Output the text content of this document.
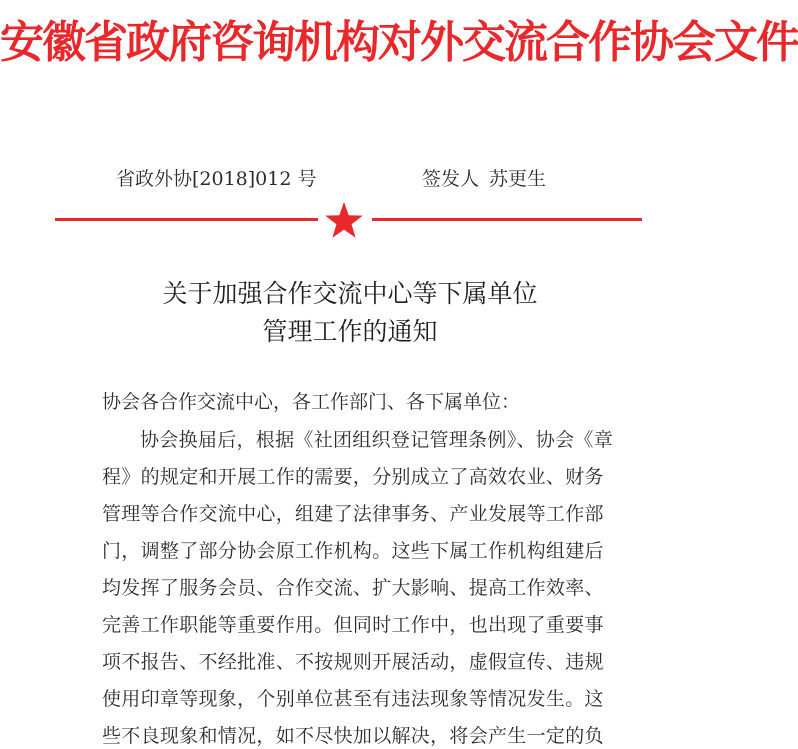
安徽省政府咨询机构对外交流合作协会文件
省政外协[2018]012 号	签发人 苏更生
关于加强合作交流中心等下属单位
管理工作的通知
协会各合作交流中心，各工作部门、各下属单位：
协会换届后，根据《社团组织登记管理条例》、协会《章
程》的规定和开展工作的需要，分别成立了高效农业、财务
管理等合作交流中心，组建了法律事务、产业发展等工作部
门，调整了部分协会原工作机构。这些下属工作机构组建后
均发挥了服务会员、合作交流、扩大影响、提高工作效率、
完善工作职能等重要作用。但同时工作中，也出现了重要事
项不报告、不经批准、不按规则开展活动，虚假宣传、违规
使用印章等现象，个别单位甚至有违法现象等情况发生。这
些不良现象和情况，如不尽快加以解决，将会产生一定的负
